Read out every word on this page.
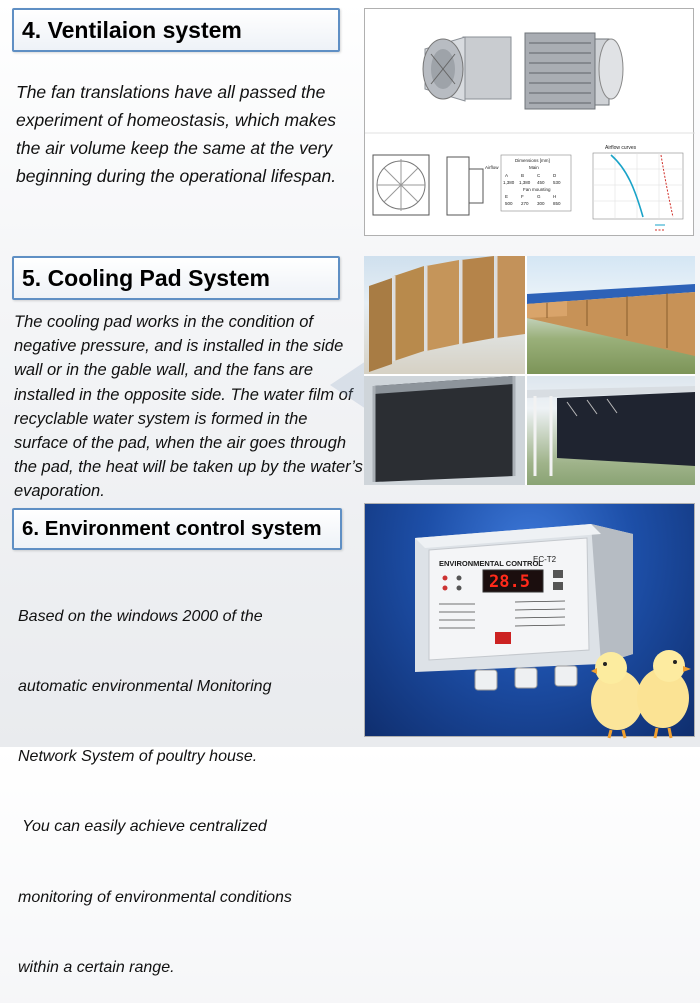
4. Ventilaion system

The fan translations have all passed the experiment of homeostasis, which makes the air volume keep the same at the very beginning during the operational lifespan.

Dimensions [mm]
Main
A	B	C	D
1,380 1,380 450 530
Fan mounting
E	F	G	H
500 270 300 850
Airflow
Airflow curves
5. Cooling Pad System

The cooling pad works in the condition of negative pressure, and is installed in the side wall or in the gable wall, and the fans are installed in the opposite side. The water film of recyclable water system is formed in the surface of the pad, when the air goes through the pad, the heat will be taken up by the water’s evaporation.

6. Environment control system

Based on the windows 2000 of the

automatic environmental Monitoring

Network System of poultry house.

You can easily achieve centralized

monitoring of environmental conditions

within a certain range.

ENVIRONMENTAL CONTROL
EC-T2
28.5
